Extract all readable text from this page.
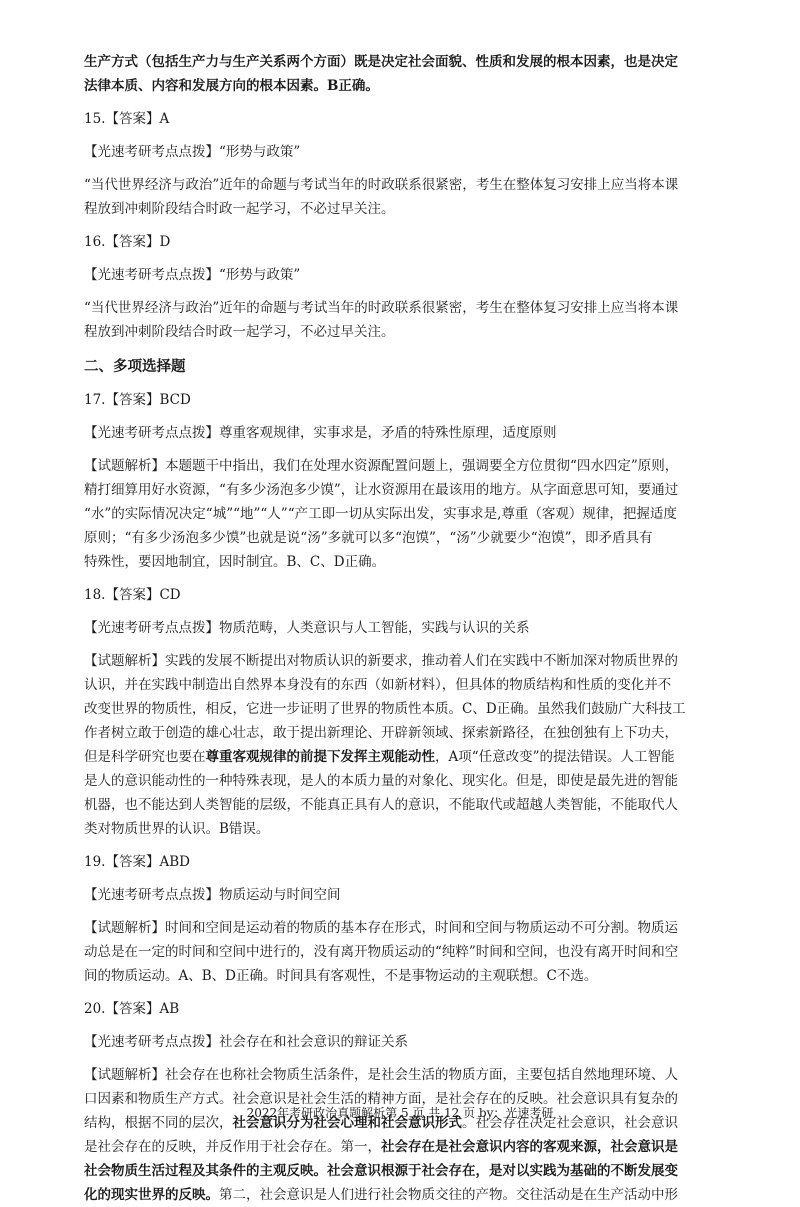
生产方式（包括生产力与生产关系两个方面）既是决定社会面貌、性质和发展的根本因素，也是决定

法律本质、内容和发展方向的根本因素。B正确。

15.【答案】A

【光速考研考点点拨】“形势与政策”

“当代世界经济与政治”近年的命题与考试当年的时政联系很紧密，考生在整体复习安排上应当将本课

程放到冲刺阶段结合时政一起学习，不必过早关注。

16.【答案】D

【光速考研考点点拨】“形势与政策”

“当代世界经济与政治”近年的命题与考试当年的时政联系很紧密，考生在整体复习安排上应当将本课

程放到冲刺阶段结合时政一起学习，不必过早关注。

二、多项选择题

17.【答案】BCD

【光速考研考点点拨】尊重客观规律，实事求是，矛盾的特殊性原理，适度原则

【试题解析】本题题干中指出，我们在处理水资源配置问题上，强调要全方位贯彻“四水四定”原则，

精打细算用好水资源，“有多少汤泡多少馍”，让水资源用在最该用的地方。从字面意思可知，要通过

“水”的实际情况决定“城”“地”“人”“产工即一切从实际出发，实事求是,尊重（客观）规律，把握适度

原则；“有多少汤泡多少馍”也就是说“汤”多就可以多“泡馍”，“汤”少就要少“泡馍”，即矛盾具有

特殊性，要因地制宜，因时制宜。B、C、D正确。

18.【答案】CD

【光速考研考点点拨】物质范畴，人类意识与人工智能，实践与认识的关系

【试题解析】实践的发展不断提出对物质认识的新要求，推动着人们在实践中不断加深对物质世界的

认识，并在实践中制造出自然界本身没有的东西（如新材料），但具体的物质结构和性质的变化并不

改变世界的物质性，相反，它进一步证明了世界的物质性本质。C、D正确。虽然我们鼓励广大科技工

作者树立敢于创造的雄心壮志，敢于提出新理论、开辟新领域、探索新路径，在独创独有上下功夫，

但是科学研究也要在尊重客观规律的前提下发挥主观能动性，A项“任意改变”的提法错误。人工智能

是人的意识能动性的一种特殊表现，是人的本质力量的对象化、现实化。但是，即使是最先进的智能

机器，也不能达到人类智能的层级，不能真正具有人的意识，不能取代或超越人类智能，不能取代人

类对物质世界的认识。B错误。

19.【答案】ABD

【光速考研考点点拨】物质运动与时间空间

【试题解析】时间和空间是运动着的物质的基本存在形式，时间和空间与物质运动不可分割。物质运

动总是在一定的时间和空间中进行的，没有离开物质运动的“纯粹”时间和空间，也没有离开时间和空

间的物质运动。A、B、D正确。时间具有客观性，不是事物运动的主观联想。C不选。

20.【答案】AB

【光速考研考点点拨】社会存在和社会意识的辩证关系

【试题解析】社会存在也称社会物质生活条件，是社会生活的物质方面，主要包括自然地理环境、人

口因素和物质生产方式。社会意识是社会生活的精神方面，是社会存在的反映。社会意识具有复杂的

结构，根据不同的层次，社会意识分为社会心理和社会意识形式。社会存在决定社会意识，社会意识

是社会存在的反映，并反作用于社会存在。第一，社会存在是社会意识内容的客观来源，社会意识是

社会物质生活过程及其条件的主观反映。社会意识根源于社会存在，是对以实践为基础的不断发展变

化的现实世界的反映。第二，社会意识是人们进行社会物质交往的产物。交往活动是在生产活动中形

2022年考研政治真题解析第 5 页 共 12 页 by：光速考研
